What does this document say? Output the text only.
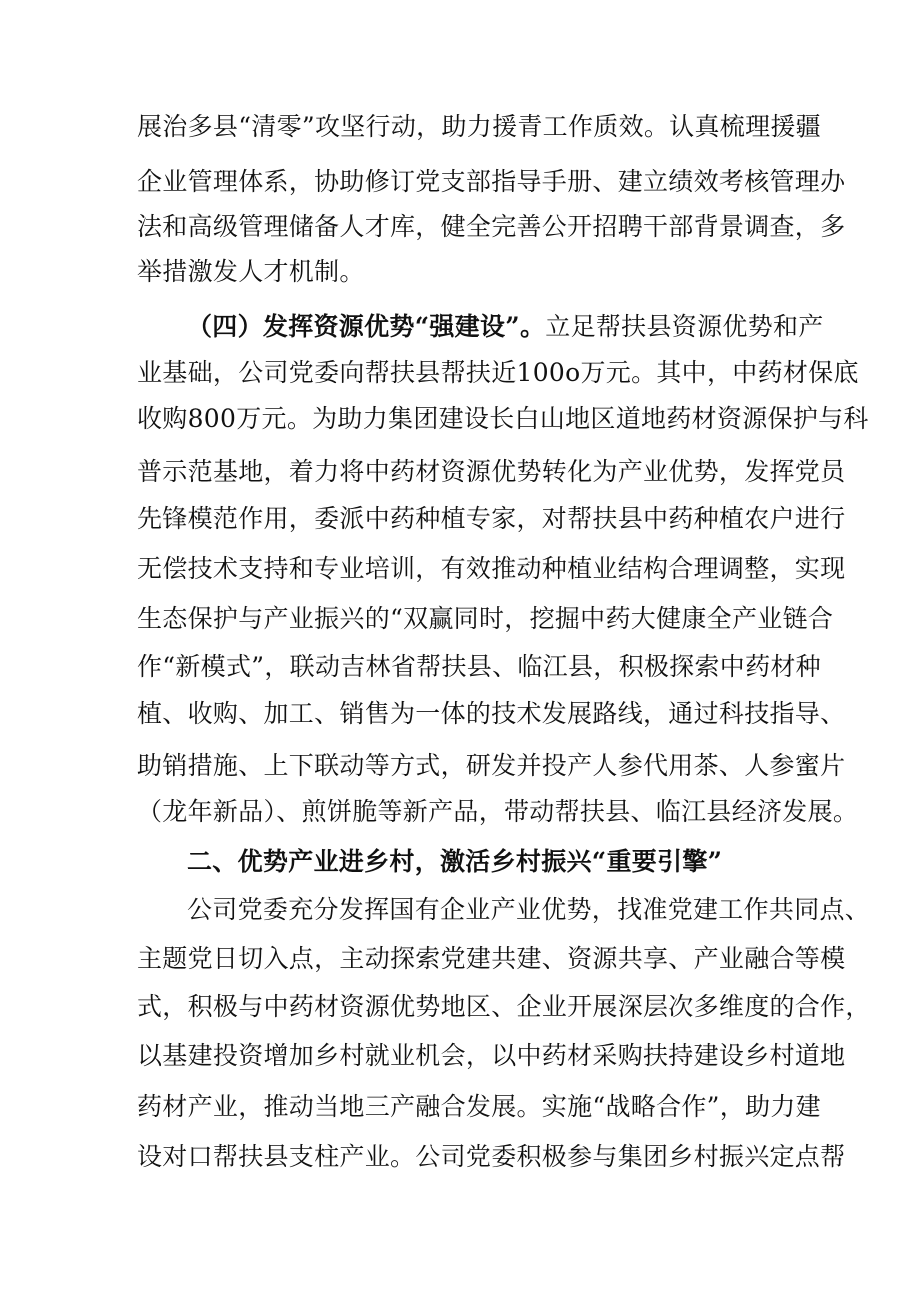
展治多县“清零”攻坚行动，助力援青工作质效。认真梳理援疆
企业管理体系，协助修订党支部指导手册、建立绩效考核管理办
法和高级管理储备人才库，健全完善公开招聘干部背景调查，多
举措激发人才机制。
（四）发挥资源优势“强建设”。立足帮扶县资源优势和产
业基础，公司党委向帮扶县帮扶近100o万元。其中，中药材保底
收购800万元。为助力集团建设长白山地区道地药材资源保护与科
普示范基地，着力将中药材资源优势转化为产业优势，发挥党员
先锋模范作用，委派中药种植专家，对帮扶县中药种植农户进行
无偿技术支持和专业培训，有效推动种植业结构合理调整，实现
生态保护与产业振兴的“双赢同时，挖掘中药大健康全产业链合
作“新模式”，联动吉林省帮扶县、临江县，积极探索中药材种
植、收购、加工、销售为一体的技术发展路线，通过科技指导、
助销措施、上下联动等方式，研发并投产人参代用茶、人参蜜片
（龙年新品）、煎饼脆等新产品，带动帮扶县、临江县经济发展。
二、优势产业进乡村，激活乡村振兴“重要引擎”
公司党委充分发挥国有企业产业优势，找准党建工作共同点、
主题党日切入点，主动探索党建共建、资源共享、产业融合等模
式，积极与中药材资源优势地区、企业开展深层次多维度的合作，
以基建投资增加乡村就业机会，以中药材采购扶持建设乡村道地
药材产业，推动当地三产融合发展。实施“战略合作”，助力建
设对口帮扶县支柱产业。公司党委积极参与集团乡村振兴定点帮
